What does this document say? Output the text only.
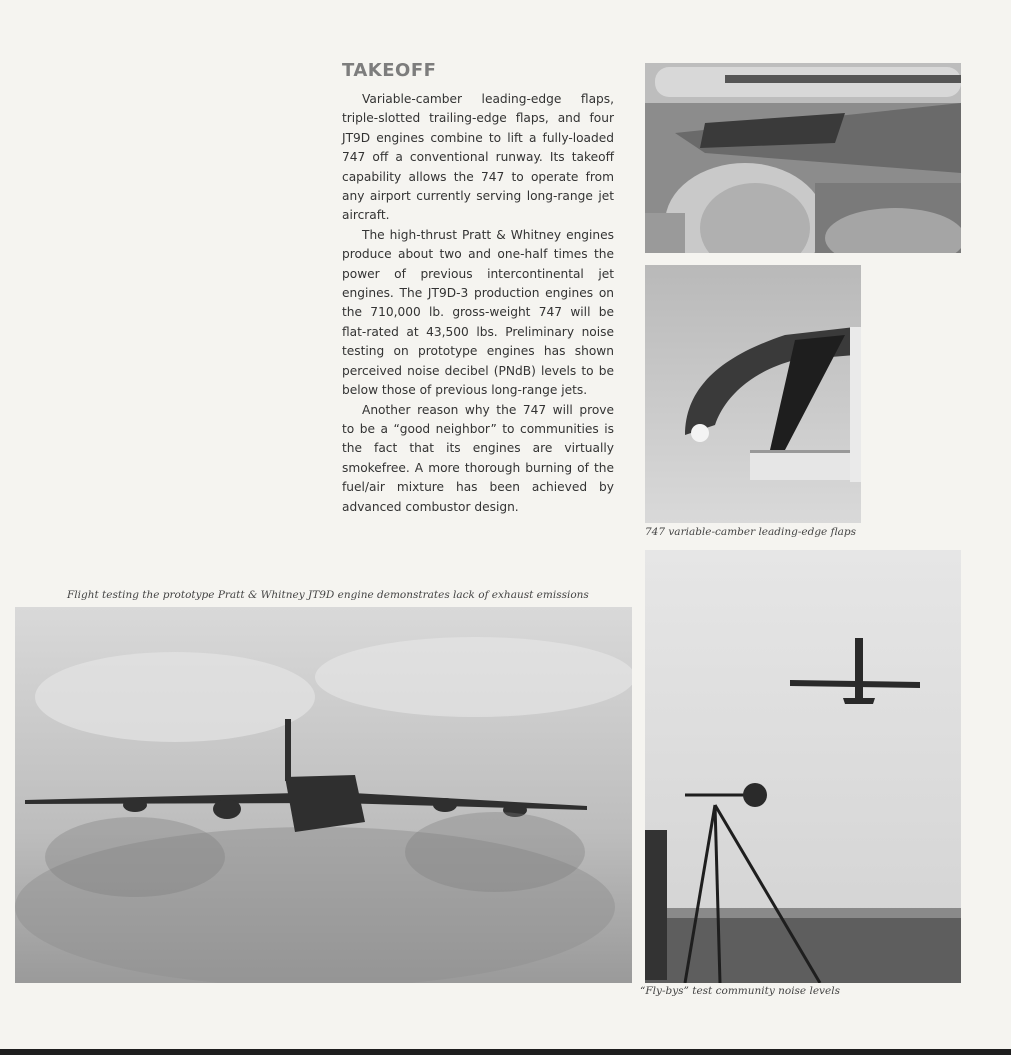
TAKEOFF

Variable-camber leading-edge flaps, triple-slotted trailing-edge flaps, and four JT9D engines combine to lift a fully-loaded 747 off a conventional runway. Its takeoff capability allows the 747 to operate from any airport currently serving long-range jet aircraft.

The high-thrust Pratt & Whitney engines produce about two and one-half times the power of previous intercontinental jet engines. The JT9D-3 production engines on the 710,000 lb. gross-weight 747 will be flat-rated at 43,500 lbs. Preliminary noise testing on prototype engines has shown perceived noise decibel (PNdB) levels to be below those of previous long-range jets.

Another reason why the 747 will prove to be a “good neighbor” to communities is the fact that its engines are virtually smokefree. A more thorough burning of the fuel/air mixture has been achieved by advanced combustor design.

747 variable-camber leading-edge flaps

“Fly-bys” test community noise levels

Flight testing the prototype Pratt & Whitney JT9D engine demonstrates lack of exhaust emissions
